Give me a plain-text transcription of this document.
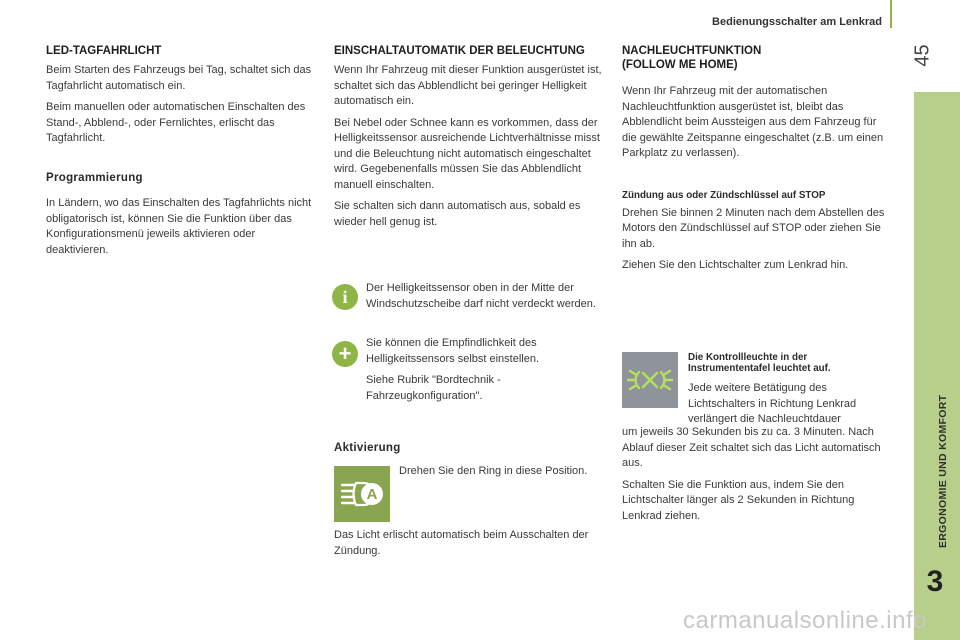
Bedienungsschalter am Lenkrad
45
ERGONOMIE UND KOMFORT
3
LED-TAGFAHRLICHT

Beim Starten des Fahrzeugs bei Tag, schaltet sich das Tagfahrlicht automatisch ein.

Beim manuellen oder automatischen Einschalten des Stand-, Abblend-, oder Fernlichtes, erlischt das Tagfahrlicht.

Programmierung

In Ländern, wo das Einschalten des Tagfahrlichts nicht obligatorisch ist, können Sie die Funktion über das Konfigurationsmenü jeweils aktivieren oder deaktivieren.

EINSCHALTAUTOMATIK DER BELEUCHTUNG

Wenn Ihr Fahrzeug mit dieser Funktion ausgerüstet ist, schaltet sich das Abblendlicht bei geringer Helligkeit automatisch ein.

Bei Nebel oder Schnee kann es vorkommen, dass der Helligkeitssensor ausreichende Lichtverhältnisse misst und die Beleuchtung nicht automatisch eingeschaltet wird. Gegebenenfalls müssen Sie das Abblendlicht manuell einschalten.

Sie schalten sich dann automatisch aus, sobald es wieder hell genug ist.

i	Der Helligkeitssensor oben in der Mitte der Windschutzscheibe darf nicht verdeckt werden.

+	Sie können die Empfindlichkeit des Helligkeitssensors selbst einstellen.

Siehe Rubrik "Bordtechnik - Fahrzeugkonfiguration".

Aktivierung
A

Drehen Sie den Ring in diese Position.

Das Licht erlischt automatisch beim Ausschalten der Zündung.

NACHLEUCHTFUNKTION
(FOLLOW ME HOME)

Wenn Ihr Fahrzeug mit der automatischen Nachleuchtfunktion ausgerüstet ist, bleibt das Abblendlicht beim Aussteigen aus dem Fahrzeug für die gewählte Zeitspanne eingeschaltet (z.B. um einen Parkplatz zu verlassen).

Zündung aus oder Zündschlüssel auf STOP

Drehen Sie binnen 2 Minuten nach dem Abstellen des Motors den Zündschlüssel auf STOP oder ziehen Sie ihn ab.

Ziehen Sie den Lichtschalter zum Lenkrad hin.

Die Kontrollleuchte in der Instrumententafel leuchtet auf.

Jede weitere Betätigung des Lichtschalters in Richtung Lenkrad verlängert die Nachleuchtdauer

um jeweils 30 Sekunden bis zu ca. 3 Minuten. Nach Ablauf dieser Zeit schaltet sich das Licht automatisch aus.

Schalten Sie die Funktion aus, indem Sie den Lichtschalter länger als 2 Sekunden in Richtung Lenkrad ziehen.

carmanualsonline.info
